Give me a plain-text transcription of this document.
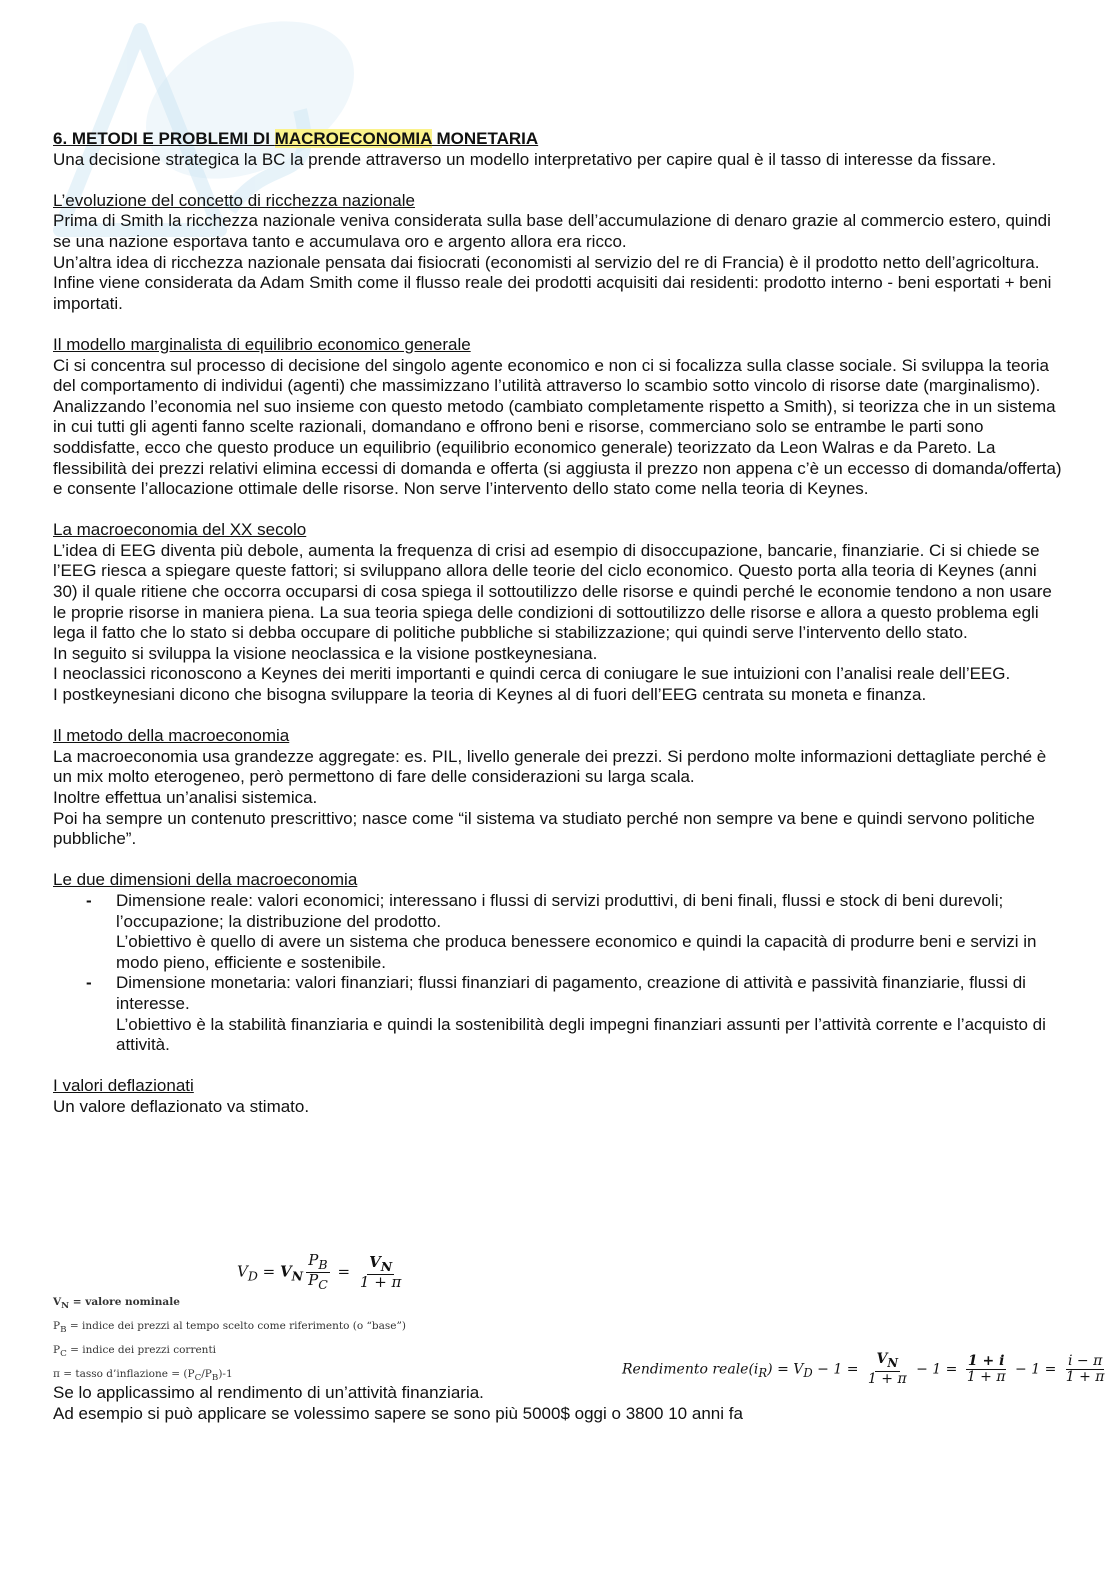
6. METODI E PROBLEMI DI MACROECONOMIA MONETARIA

Una decisione strategica la BC la prende attraverso un modello interpretativo per capire qual è il tasso di interesse da fissare.

L’evoluzione del concetto di ricchezza nazionale

Prima di Smith la ricchezza nazionale veniva considerata sulla base dell’accumulazione di denaro grazie al commercio estero, quindi se una nazione esportava tanto e accumulava oro e argento allora era ricco.

Un’altra idea di ricchezza nazionale pensata dai fisiocrati (economisti al servizio del re di Francia) è il prodotto netto dell’agricoltura.

Infine viene considerata da Adam Smith come il flusso reale dei prodotti acquisiti dai residenti: prodotto interno - beni esportati + beni importati.

Il modello marginalista di equilibrio economico generale

Ci si concentra sul processo di decisione del singolo agente economico e non ci si focalizza sulla classe sociale. Si sviluppa la teoria del comportamento di individui (agenti) che massimizzano l’utilità attraverso lo scambio sotto vincolo di risorse date (marginalismo).

Analizzando l’economia nel suo insieme con questo metodo (cambiato completamente rispetto a Smith), si teorizza che in un sistema in cui tutti gli agenti fanno scelte razionali, domandano e offrono beni e risorse, commerciano solo se entrambe le parti sono soddisfatte, ecco che questo produce un equilibrio (equilibrio economico generale) teorizzato da Leon Walras e da Pareto. La flessibilità dei prezzi relativi elimina eccessi di domanda e offerta (si aggiusta il prezzo non appena c’è un eccesso di domanda/offerta) e consente l’allocazione ottimale delle risorse. Non serve l’intervento dello stato come nella teoria di Keynes.

La macroeconomia del XX secolo

L’idea di EEG diventa più debole, aumenta la frequenza di crisi ad esempio di disoccupazione, bancarie, finanziarie. Ci si chiede se l’EEG riesca a spiegare queste fattori; si sviluppano allora delle teorie del ciclo economico. Questo porta alla teoria di Keynes (anni 30) il quale ritiene che occorra occuparsi di cosa spiega il sottoutilizzo delle risorse e quindi perché le economie tendono a non usare le proprie risorse in maniera piena. La sua teoria spiega delle condizioni di sottoutilizzo delle risorse e allora a questo problema egli lega il fatto che lo stato si debba occupare di politiche pubbliche si stabilizzazione; qui quindi serve l’intervento dello stato.

In seguito si sviluppa la visione neoclassica e la visione postkeynesiana.

I neoclassici riconoscono a Keynes dei meriti importanti e quindi cerca di coniugare le sue intuizioni con l’analisi reale dell’EEG.

I postkeynesiani dicono che bisogna sviluppare la teoria di Keynes al di fuori dell’EEG centrata su moneta e finanza.

Il metodo della macroeconomia

La macroeconomia usa grandezze aggregate: es. PIL, livello generale dei prezzi. Si perdono molte informazioni dettagliate perché è un mix molto eterogeneo, però permettono di fare delle considerazioni su larga scala.

Inoltre effettua un’analisi sistemica.

Poi ha sempre un contenuto prescrittivo; nasce come “il sistema va studiato perché non sempre va bene e quindi servono politiche pubbliche”.

Le due dimensioni della macroeconomia

- Dimensione reale: valori economici; interessano i flussi di servizi produttivi, di beni finali, flussi e stock di beni durevoli; l’occupazione; la distribuzione del prodotto.

L’obiettivo è quello di avere un sistema che produca benessere economico e quindi la capacità di produrre beni e servizi in modo pieno, efficiente e sostenibile.

- Dimensione monetaria: valori finanziari; flussi finanziari di pagamento, creazione di attività e passività finanziarie, flussi di interesse.

L’obiettivo è la stabilità finanziaria e quindi la sostenibilità degli impegni finanziari assunti per l’attività corrente e l’acquisto di attività.

I valori deflazionati

Un valore deflazionato va stimato.

$V_D = V_N \frac{P_B}{P_C} = \frac{V_N}{1 + \pi}$
$V_N$ = valore nominale
$P_B$ = indice dei prezzi al tempo scelto come riferimento (o “base”)
$P_C$ = indice dei prezzi correnti
π = tasso d’inflazione = $(P_C/P_B)-1$	Rendimento $reale(i_R) = V_D - 1 = \frac{V_N}{1 + \pi} - 1 = \frac{1 + i}{1 + \pi} - 1 = \frac{i - \pi}{1 + \pi}$

Se lo applicassimo al rendimento di un’attività finanziaria.

Ad esempio si può applicare se volessimo sapere se sono più 5000$ oggi o 3800 10 anni fa
